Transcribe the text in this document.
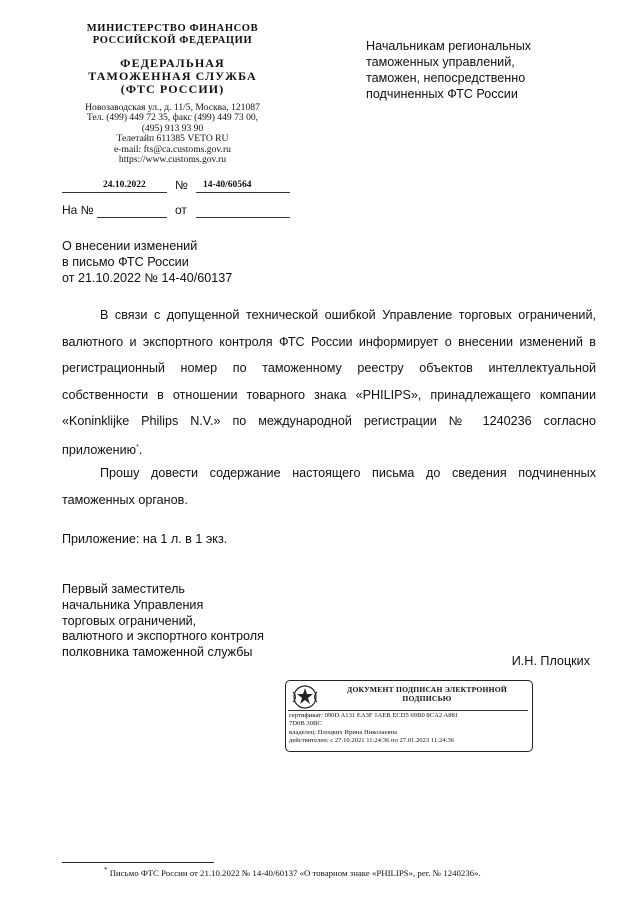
МИНИСТЕРСТВО ФИНАНСОВ
РОССИЙСКОЙ ФЕДЕРАЦИИ
ФЕДЕРАЛЬНАЯ
ТАМОЖЕННАЯ СЛУЖБА
(ФТС РОССИИ)
Новозаводская ул., д. 11/5, Москва, 121087
Тел. (499) 449 72 35, факс (499) 449 73 00,
(495) 913 93 90
Телетайп 611385 VETO RU
e-mail: fts@ca.customs.gov.ru
https://www.customs.gov.ru
24.10.2022 № 14-40/60564
На №	от
Начальникам региональных
таможенных управлений,
таможен, непосредственно
подчиненных ФТС России
О внесении изменений
в письмо ФТС России
от 21.10.2022 № 14-40/60137
В связи с допущенной технической ошибкой Управление торговых ограничений, валютного и экспортного контроля ФТС России информирует о внесении изменений в регистрационный номер по таможенному реестру объектов интеллектуальной собственности в отношении товарного знака «PHILIPS», принадлежащего компании «Koninklijke Philips N.V.» по международной регистрации № 1240236 согласно приложению*.
Прошу довести содержание настоящего письма до сведения подчиненных таможенных органов.
Приложение: на 1 л. в 1 экз.
Первый заместитель
начальника Управления
торговых ограничений,
валютного и экспортного контроля
полковника таможенной службы
И.Н. Плоцких
ДОКУМЕНТ ПОДПИСАН ЭЛЕКТРОННОЙ
ПОДПИСЬЮ
сертификат: 090D A131 EA3F 1AEB ECD5 69B0 8CA2 A881
7D0B 30BC
владелец: Плоцких Ирина Николаевна
действителен: с 27.10.2021 11:24:36 по 27.01.2023 11:24:36
* Письмо ФТС России от 21.10.2022 № 14-40/60137 «О товарном знаке «PHILIPS», рег. № 1240236».
